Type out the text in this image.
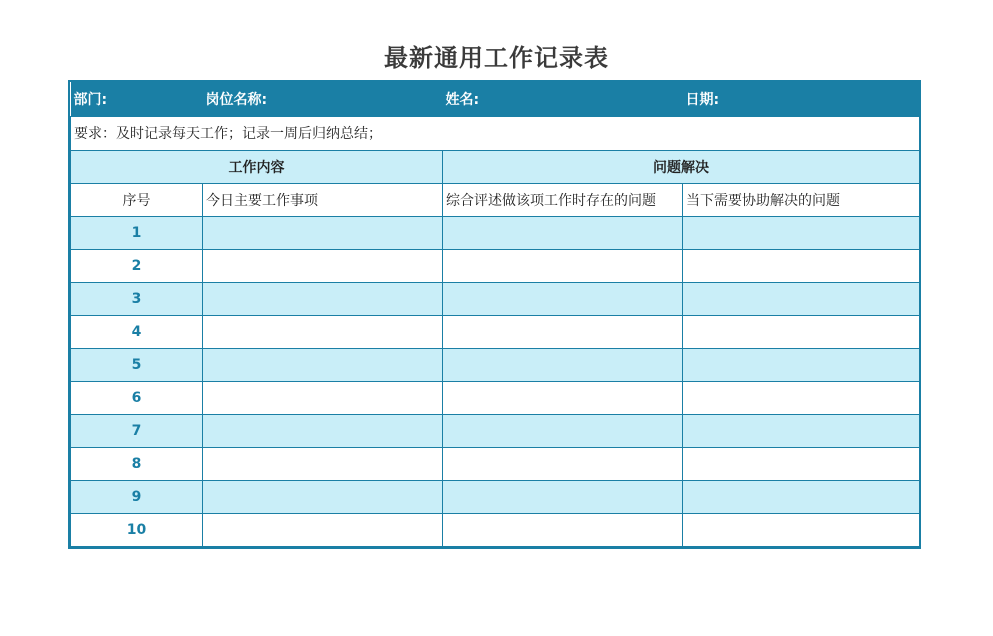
最新通用工作记录表
部门:	岗位名称:	姓名:	日期:
要求：及时记录每天工作；记录一周后归纳总结；			
工作内容		问题解决	
序号	今日主要工作事项	综合评述做该项工作时存在的问题	当下需要协助解决的问题
1			
2			
3			
4			
5			
6			
7			
8			
9			
10			
